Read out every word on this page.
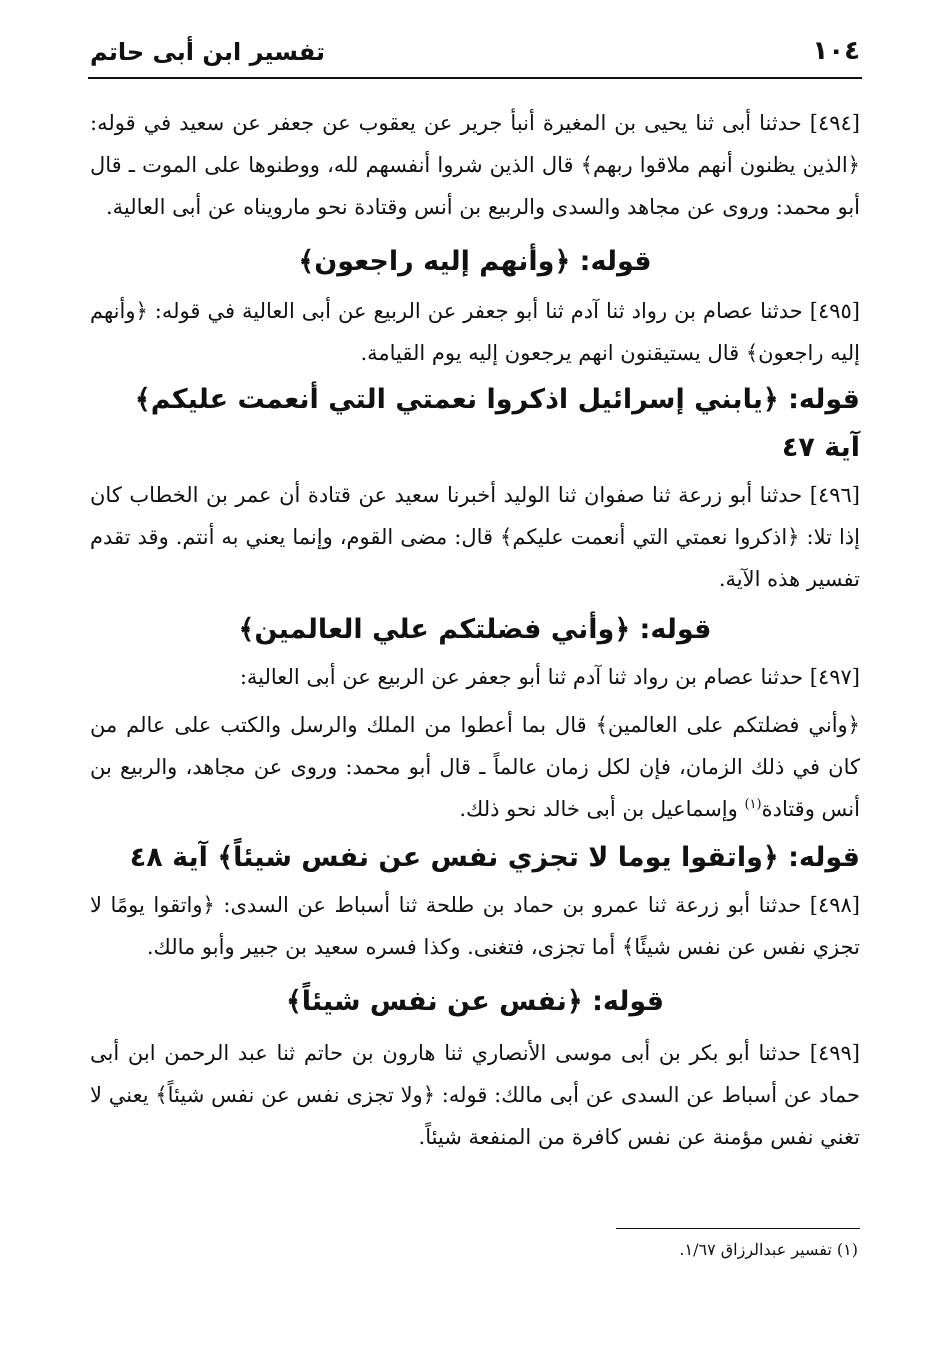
١٠٤
تفسير ابن أبى حاتم

[٤٩٤] حدثنا أبى ثنا يحيى بن المغيرة أنبأ جرير عن يعقوب عن جعفر عن سعيد في قوله: ﴿الذين يظنون أنهم ملاقوا ربهم﴾ قال الذين شروا أنفسهم لله، ووطنوها على الموت ـ قال أبو محمد: وروى عن مجاهد والسدى والربيع بن أنس وقتادة نحو مارويناه عن أبى العالية.

قوله: ﴿وأنهم إليه راجعون﴾

[٤٩٥] حدثنا عصام بن رواد ثنا آدم ثنا أبو جعفر عن الربيع عن أبى العالية في قوله: ﴿وأنهم إليه راجعون﴾ قال يستيقنون انهم يرجعون إليه يوم القيامة.

قوله: ﴿يابني إسرائيل اذكروا نعمتي التي أنعمت عليكم﴾ آية ٤٧

[٤٩٦] حدثنا أبو زرعة ثنا صفوان ثنا الوليد أخبرنا سعيد عن قتادة أن عمر بن الخطاب كان إذا تلا: ﴿اذكروا نعمتي التي أنعمت عليكم﴾ قال: مضى القوم، وإنما يعني به أنتم. وقد تقدم تفسير هذه الآية.

قوله: ﴿وأني فضلتكم علي العالمين﴾

[٤٩٧] حدثنا عصام بن رواد ثنا آدم ثنا أبو جعفر عن الربيع عن أبى العالية:

﴿وأني فضلتكم على العالمين﴾ قال بما أعطوا من الملك والرسل والكتب على عالم من كان في ذلك الزمان، فإن لكل زمان عالماً ـ قال أبو محمد: وروى عن مجاهد، والربيع بن أنس وقتادة$^{(١)}$ وإسماعيل بن أبى خالد نحو ذلك.

قوله: ﴿واتقوا يوما لا تجزي نفس عن نفس شيئاً﴾ آية ٤٨

[٤٩٨] حدثنا أبو زرعة ثنا عمرو بن حماد بن طلحة ثنا أسباط عن السدى: ﴿واتقوا يومًا لا تجزي نفس عن نفس شيئًا﴾ أما تجزى، فتغنى. وكذا فسره سعيد بن جبير وأبو مالك.

قوله: ﴿نفس عن نفس شيئاً﴾

[٤٩٩] حدثنا أبو بكر بن أبى موسى الأنصاري ثنا هارون بن حاتم ثنا عبد الرحمن ابن أبى حماد عن أسباط عن السدى عن أبى مالك: قوله: ﴿ولا تجزى نفس عن نفس شيئاً﴾ يعني لا تغني نفس مؤمنة عن نفس كافرة من المنفعة شيئاً.

(١) تفسير عبدالرزاق ١/٦٧.
